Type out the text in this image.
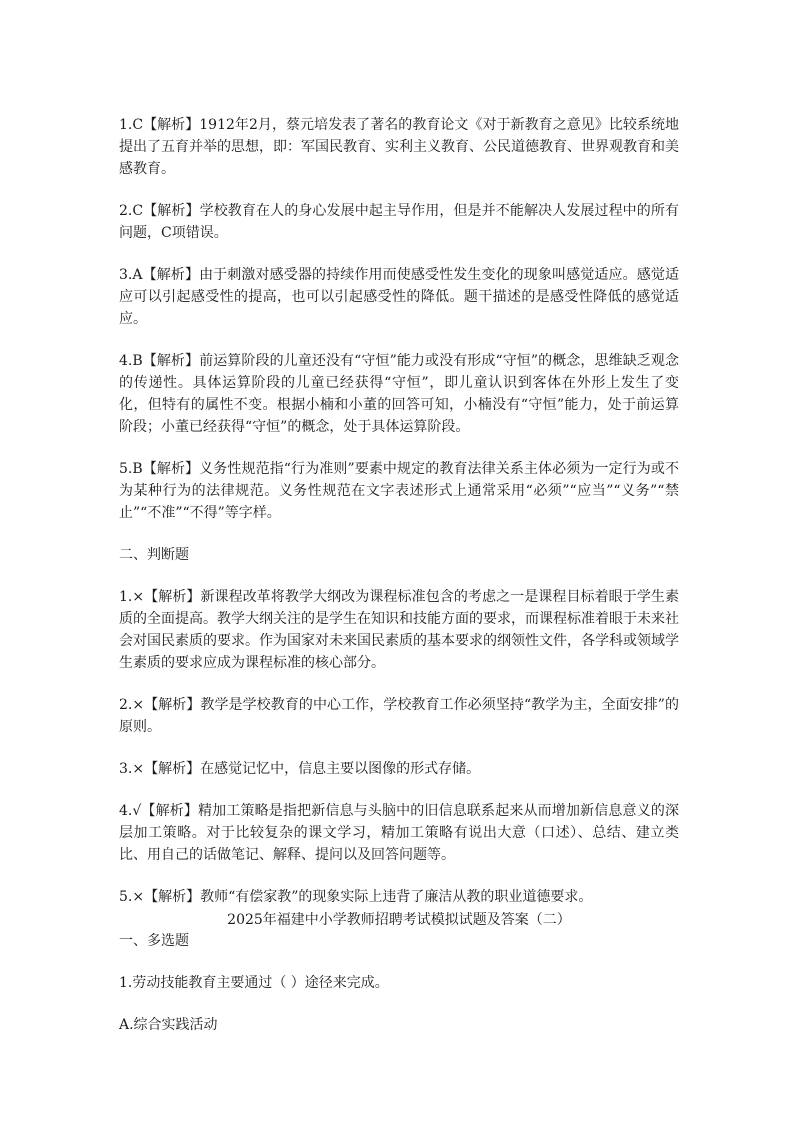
1.C【解析】1912年2月，蔡元培发表了著名的教育论文《对于新教育之意见》比较系统地提出了五育并举的思想，即：军国民教育、实利主义教育、公民道德教育、世界观教育和美感教育。

2.C【解析】学校教育在人的身心发展中起主导作用，但是并不能解决人发展过程中的所有问题，C项错误。

3.A【解析】由于刺激对感受器的持续作用而使感受性发生变化的现象叫感觉适应。感觉适应可以引起感受性的提高，也可以引起感受性的降低。题干描述的是感受性降低的感觉适应。

4.B【解析】前运算阶段的儿童还没有“守恒”能力或没有形成“守恒”的概念，思维缺乏观念的传递性。具体运算阶段的儿童已经获得“守恒”，即儿童认识到客体在外形上发生了变化，但特有的属性不变。根据小楠和小董的回答可知，小楠没有“守恒”能力，处于前运算阶段；小董已经获得“守恒”的概念，处于具体运算阶段。

5.B【解析】义务性规范指“行为准则”要素中规定的教育法律关系主体必须为一定行为或不为某种行为的法律规范。义务性规范在文字表述形式上通常采用“必须”“应当”“义务”“禁止”“不准”“不得”等字样。

二、判断题

1.×【解析】新课程改革将教学大纲改为课程标准包含的考虑之一是课程目标着眼于学生素质的全面提高。教学大纲关注的是学生在知识和技能方面的要求，而课程标准着眼于未来社会对国民素质的要求。作为国家对未来国民素质的基本要求的纲领性文件，各学科或领域学生素质的要求应成为课程标准的核心部分。

2.×【解析】教学是学校教育的中心工作，学校教育工作必须坚持“教学为主，全面安排”的原则。

3.×【解析】在感觉记忆中，信息主要以图像的形式存储。

4.√【解析】精加工策略是指把新信息与头脑中的旧信息联系起来从而增加新信息意义的深层加工策略。对于比较复杂的课文学习，精加工策略有说出大意（口述）、总结、建立类比、用自己的话做笔记、解释、提问以及回答问题等。

5.×【解析】教师“有偿家教”的现象实际上违背了廉洁从教的职业道德要求。

2025年福建中小学教师招聘考试模拟试题及答案（二）

一、多选题

1.劳动技能教育主要通过（ ）途径来完成。

A.综合实践活动
